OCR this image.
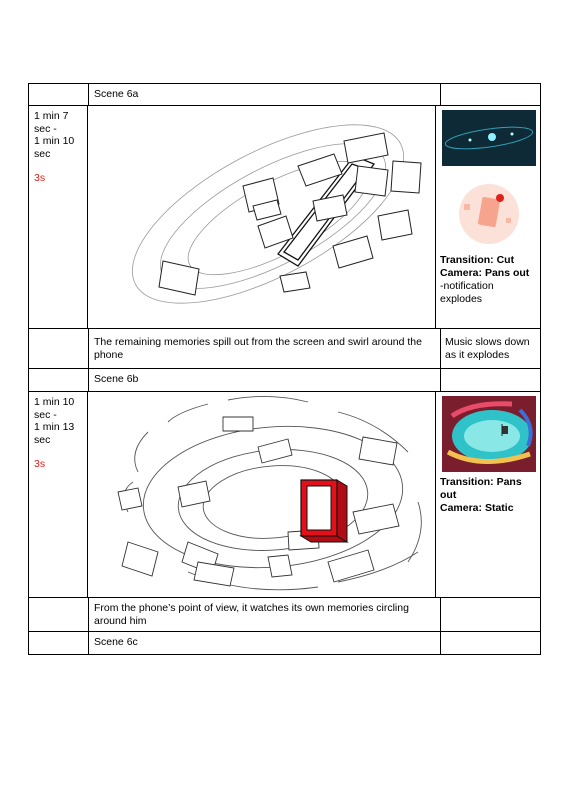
Scene 6a
1 min 7
sec -
1 min 10
sec
3s
Transition: Cut
Camera: Pans out
-notification
explodes
The remaining memories spill out from the screen and swirl around the
phone
Music slows down
as it explodes
Scene 6b
1 min 10
sec -
1 min 13
sec
3s
Transition: Pans
out
Camera: Static
From the phone’s point of view, it watches its own memories circling
around him
Scene 6c
